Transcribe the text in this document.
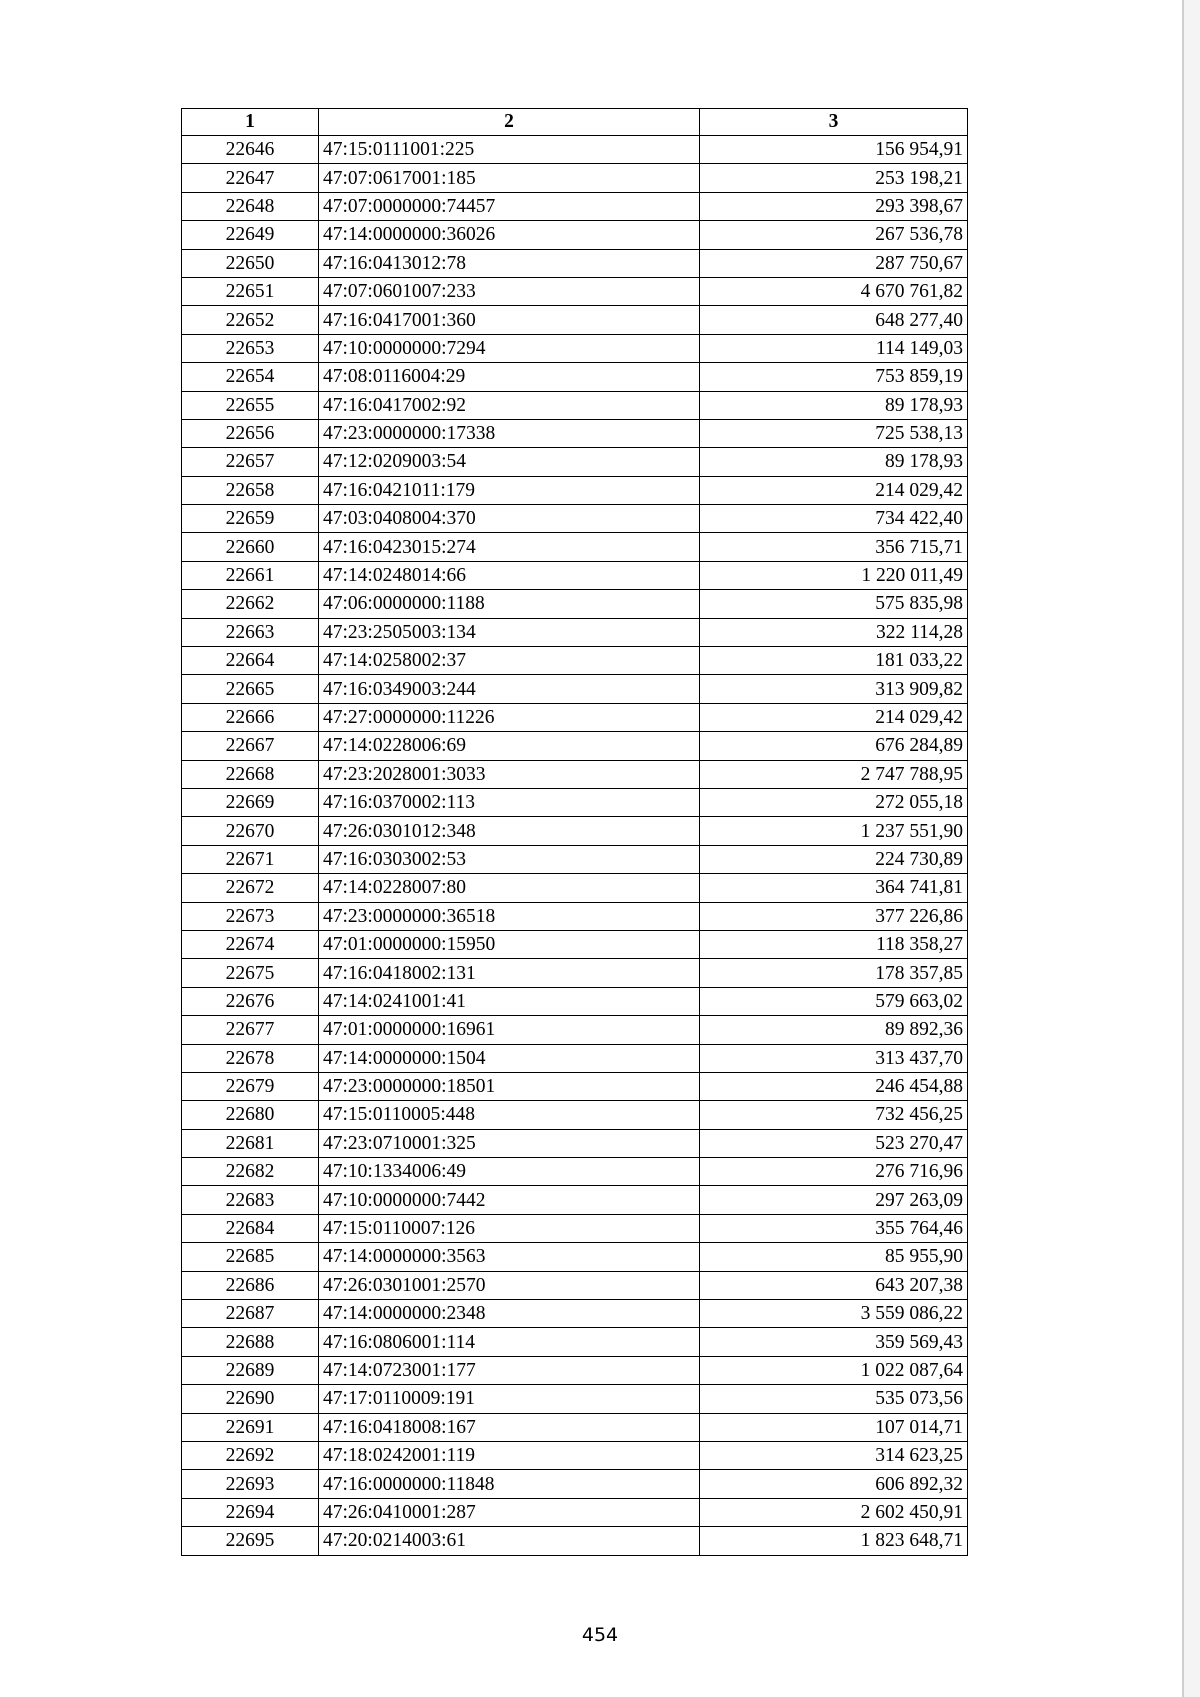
1	2	3
22646	47:15:0111001:225	156 954,91
22647	47:07:0617001:185	253 198,21
22648	47:07:0000000:74457	293 398,67
22649	47:14:0000000:36026	267 536,78
22650	47:16:0413012:78	287 750,67
22651	47:07:0601007:233	4 670 761,82
22652	47:16:0417001:360	648 277,40
22653	47:10:0000000:7294	114 149,03
22654	47:08:0116004:29	753 859,19
22655	47:16:0417002:92	89 178,93
22656	47:23:0000000:17338	725 538,13
22657	47:12:0209003:54	89 178,93
22658	47:16:0421011:179	214 029,42
22659	47:03:0408004:370	734 422,40
22660	47:16:0423015:274	356 715,71
22661	47:14:0248014:66	1 220 011,49
22662	47:06:0000000:1188	575 835,98
22663	47:23:2505003:134	322 114,28
22664	47:14:0258002:37	181 033,22
22665	47:16:0349003:244	313 909,82
22666	47:27:0000000:11226	214 029,42
22667	47:14:0228006:69	676 284,89
22668	47:23:2028001:3033	2 747 788,95
22669	47:16:0370002:113	272 055,18
22670	47:26:0301012:348	1 237 551,90
22671	47:16:0303002:53	224 730,89
22672	47:14:0228007:80	364 741,81
22673	47:23:0000000:36518	377 226,86
22674	47:01:0000000:15950	118 358,27
22675	47:16:0418002:131	178 357,85
22676	47:14:0241001:41	579 663,02
22677	47:01:0000000:16961	89 892,36
22678	47:14:0000000:1504	313 437,70
22679	47:23:0000000:18501	246 454,88
22680	47:15:0110005:448	732 456,25
22681	47:23:0710001:325	523 270,47
22682	47:10:1334006:49	276 716,96
22683	47:10:0000000:7442	297 263,09
22684	47:15:0110007:126	355 764,46
22685	47:14:0000000:3563	85 955,90
22686	47:26:0301001:2570	643 207,38
22687	47:14:0000000:2348	3 559 086,22
22688	47:16:0806001:114	359 569,43
22689	47:14:0723001:177	1 022 087,64
22690	47:17:0110009:191	535 073,56
22691	47:16:0418008:167	107 014,71
22692	47:18:0242001:119	314 623,25
22693	47:16:0000000:11848	606 892,32
22694	47:26:0410001:287	2 602 450,91
22695	47:20:0214003:61	1 823 648,71
454
